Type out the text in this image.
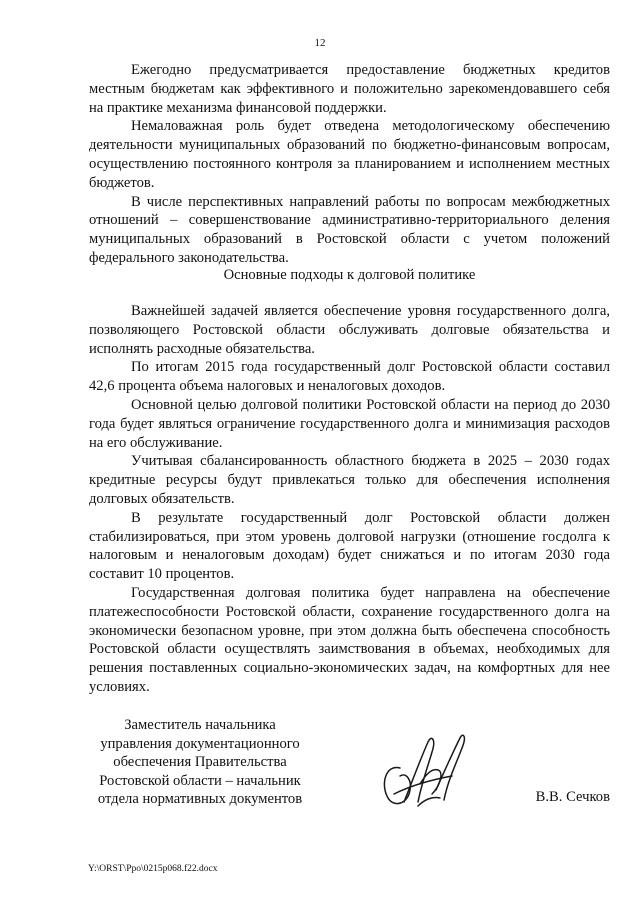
12

Ежегодно предусматривается предоставление бюджетных кредитов местным бюджетам как эффективного и положительно зарекомендовавшего себя на практике механизма финансовой поддержки.

Немаловажная роль будет отведена методологическому обеспечению деятельности муниципальных образований по бюджетно-финансовым вопросам, осуществлению постоянного контроля за планированием и исполнением местных бюджетов.

В числе перспективных направлений работы по вопросам межбюджетных отношений – совершенствование административно-территориального деления муниципальных образований в Ростовской области с учетом положений федерального законодательства.

Основные подходы к долговой политике

Важнейшей задачей является обеспечение уровня государственного долга, позволяющего Ростовской области обслуживать долговые обязательства и исполнять расходные обязательства.

По итогам 2015 года государственный долг Ростовской области составил 42,6 процента объема налоговых и неналоговых доходов.

Основной целью долговой политики Ростовской области на период до 2030 года будет являться ограничение государственного долга и минимизация расходов на его обслуживание.

Учитывая сбалансированность областного бюджета в 2025 – 2030 годах кредитные ресурсы будут привлекаться только для обеспечения исполнения долговых обязательств.

В результате государственный долг Ростовской области должен стабилизироваться, при этом уровень долговой нагрузки (отношение госдолга к налоговым и неналоговым доходам) будет снижаться и по итогам 2030 года составит 10 процентов.

Государственная долговая политика будет направлена на обеспечение платежеспособности Ростовской области, сохранение государственного долга на экономически безопасном уровне, при этом должна быть обеспечена способность Ростовской области осуществлять заимствования в объемах, необходимых для решения поставленных социально-экономических задач, на комфортных для нее условиях.

Заместитель начальника
управления документационного
обеспечения Правительства
Ростовской области – начальник
отдела нормативных документов	В.В. Сечков
Y:\ORST\Ppo\0215p068.f22.docx
